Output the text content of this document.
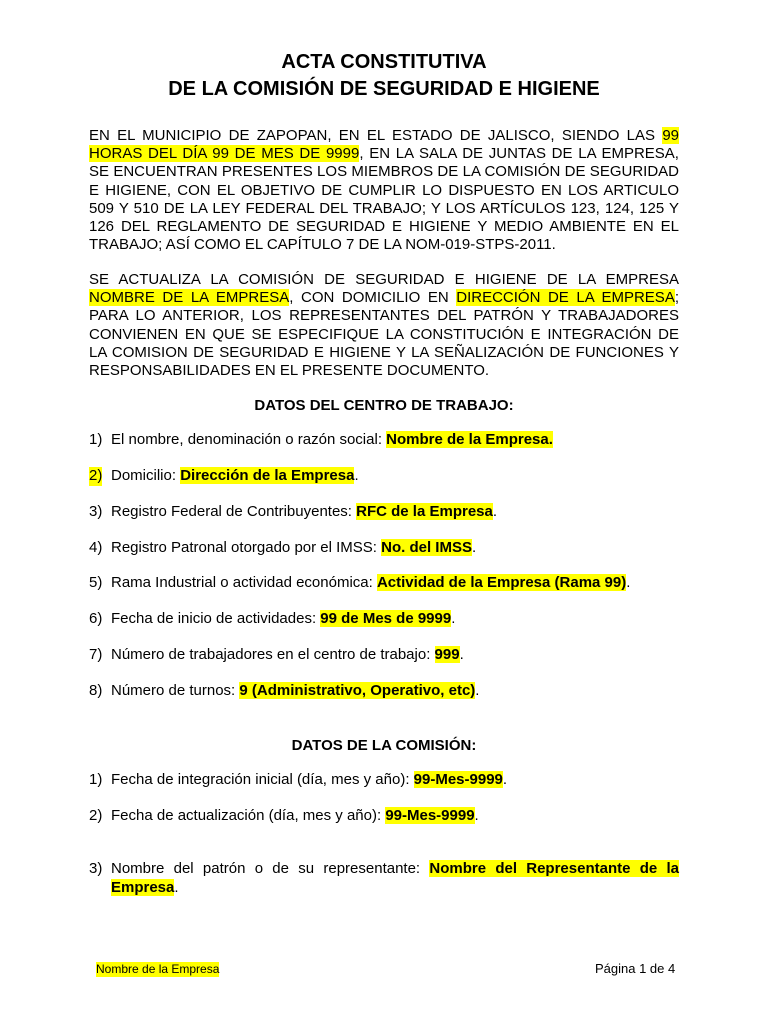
ACTA CONSTITUTIVA
DE LA COMISIÓN DE SEGURIDAD E HIGIENE

EN EL MUNICIPIO DE ZAPOPAN, EN EL ESTADO DE JALISCO, SIENDO LAS 99 HORAS DEL DÍA 99 DE MES DE 9999, EN LA SALA DE JUNTAS DE LA EMPRESA, SE ENCUENTRAN PRESENTES LOS MIEMBROS DE LA COMISIÓN DE SEGURIDAD E HIGIENE, CON EL OBJETIVO DE CUMPLIR LO DISPUESTO EN LOS ARTICULO 509 Y 510 DE LA LEY FEDERAL DEL TRABAJO; Y LOS ARTÍCULOS 123, 124, 125 Y 126 DEL REGLAMENTO DE SEGURIDAD E HIGIENE Y MEDIO AMBIENTE EN EL TRABAJO; ASÍ COMO EL CAPÍTULO 7 DE LA NOM-019-STPS-2011.

SE ACTUALIZA LA COMISIÓN DE SEGURIDAD E HIGIENE DE LA EMPRESA NOMBRE DE LA EMPRESA, CON DOMICILIO EN DIRECCIÓN DE LA EMPRESA; PARA LO ANTERIOR, LOS REPRESENTANTES DEL PATRÓN Y TRABAJADORES CONVIENEN EN QUE SE ESPECIFIQUE LA CONSTITUCIÓN E INTEGRACIÓN DE LA COMISION DE SEGURIDAD E HIGIENE Y LA SEÑALIZACIÓN DE FUNCIONES Y RESPONSABILIDADES EN EL PRESENTE DOCUMENTO.

DATOS DEL CENTRO DE TRABAJO:
1) El nombre, denominación o razón social: Nombre de la Empresa.
2) Domicilio: Dirección de la Empresa.
3) Registro Federal de Contribuyentes: RFC de la Empresa.
4) Registro Patronal otorgado por el IMSS: No. del IMSS.
5) Rama Industrial o actividad económica: Actividad de la Empresa (Rama 99).
6) Fecha de inicio de actividades: 99 de Mes de 9999.
7) Número de trabajadores en el centro de trabajo: 999.
8) Número de turnos: 9 (Administrativo, Operativo, etc).
DATOS DE LA COMISIÓN:
1) Fecha de integración inicial (día, mes y año): 99-Mes-9999.
2) Fecha de actualización (día, mes y año): 99-Mes-9999.
3) Nombre del patrón o de su representante: Nombre del Representante de la Empresa.
Nombre de la Empresa	Página 1 de 4
